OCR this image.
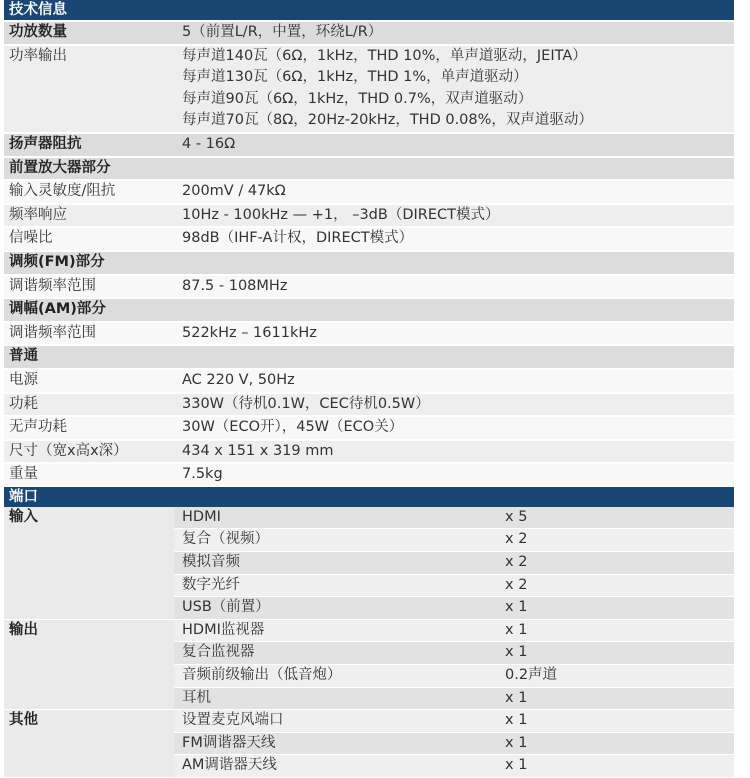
技术信息
功放数量	5（前置L/R，中置，环绕L/R）

功率输出	每声道140瓦（6Ω，1kHz，THD 10%，单声道驱动，JEITA）
每声道130瓦（6Ω，1kHz，THD 1%，单声道驱动）
每声道90瓦（6Ω，1kHz，THD 0.7%，双声道驱动）
每声道70瓦（8Ω，20Hz-20kHz，THD 0.08%，双声道驱动）

扬声器阻抗	4 - 16Ω

前置放大器部分	

输入灵敏度/阻抗	200mV / 47kΩ

频率响应	10Hz - 100kHz — +1， –3dB（DIRECT模式）

信噪比	98dB（IHF-A计权，DIRECT模式）

调频(FM)部分	

调谐频率范围	87.5 - 108MHz

调幅(AM)部分	

调谐频率范围	522kHz – 1611kHz

普通	

电源	AC 220 V, 50Hz

功耗	330W（待机0.1W，CEC待机0.5W）

无声功耗	30W（ECO开），45W（ECO关）

尺寸（宽x高x深）	434 x 151 x 319 mm

重量	7.5kg
端口
输入	HDMI	x 5
	复合（视频）	x 2
	模拟音频	x 2
	数字光纤	x 2
	USB（前置）	x 1
输出	HDMI监视器	x 1
	复合监视器	x 1
	音频前级输出（低音炮）	0.2声道
	耳机	x 1
其他	设置麦克风端口	x 1
	FM调谐器天线	x 1
	AM调谐器天线	x 1
